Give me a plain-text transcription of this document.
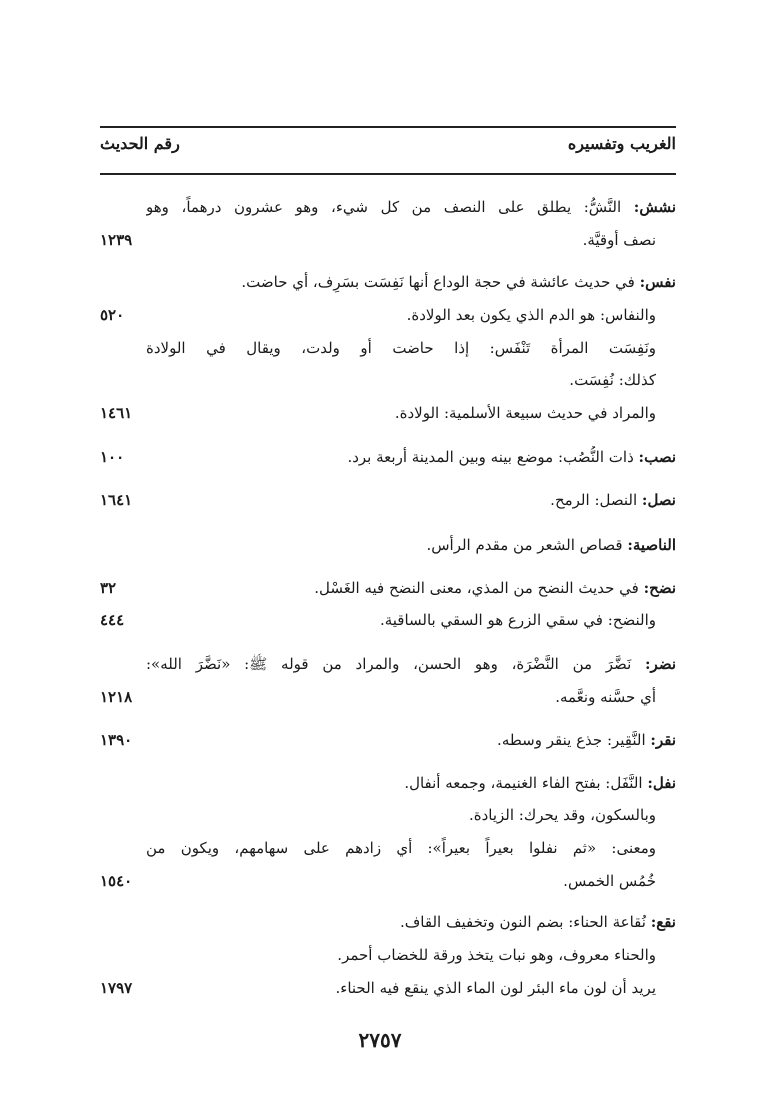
الغريب وتفسيره
رقم الحديث
نشش: النَّشُّ: يطلق على النصف من كل شيء، وهو عشرون درهماً، وهو
نصف أوقيَّة.
١٢٣٩
نفس: في حديث عائشة في حجة الوداع أنها نَفِسَت بسَرِف، أي حاضت.
والنفاس: هو الدم الذي يكون بعد الولادة.
٥٢٠
ونَفِسَت المرأة تَنْفَس: إذا حاضت أو ولدت، ويقال في الولادة
كذلك: نُفِسَت.
والمراد في حديث سبيعة الأسلمية: الولادة.
١٤٦١
نصب: ذات النُّصُب: موضع بينه وبين المدينة أربعة برد.
١٠٠
نصل: النصل: الرمح.
١٦٤١
الناصية: قصاص الشعر من مقدم الرأس.
نضح: في حديث النضح من المذي، معنى النضح فيه الغَسْل.
٣٢
والنضح: في سقي الزرع هو السقي بالساقية.
٤٤٤
نضر: نَضَّرَ من النَّضْرَة، وهو الحسن، والمراد من قوله ﷺ: «نَضَّرَ الله»:
أي حسَّنه ونعَّمه.
١٢١٨
نقر: النَّقِير: جذع ينقر وسطه.
١٣٩٠
نفل: النَّفَل: بفتح الفاء الغنيمة، وجمعه أنفال.
وبالسكون، وقد يحرك: الزيادة.
ومعنى: «ثم نفلوا بعيراً بعيراً»: أي زادهم على سهامهم، ويكون من
خُمُس الخمس.
١٥٤٠
نقع: نُقاعة الحناء: بضم النون وتخفيف القاف.
والحناء معروف، وهو نبات يتخذ ورقة للخضاب أحمر.
يريد أن لون ماء البئر لون الماء الذي ينقع فيه الحناء.
١٧٩٧
٢٧٥٧
